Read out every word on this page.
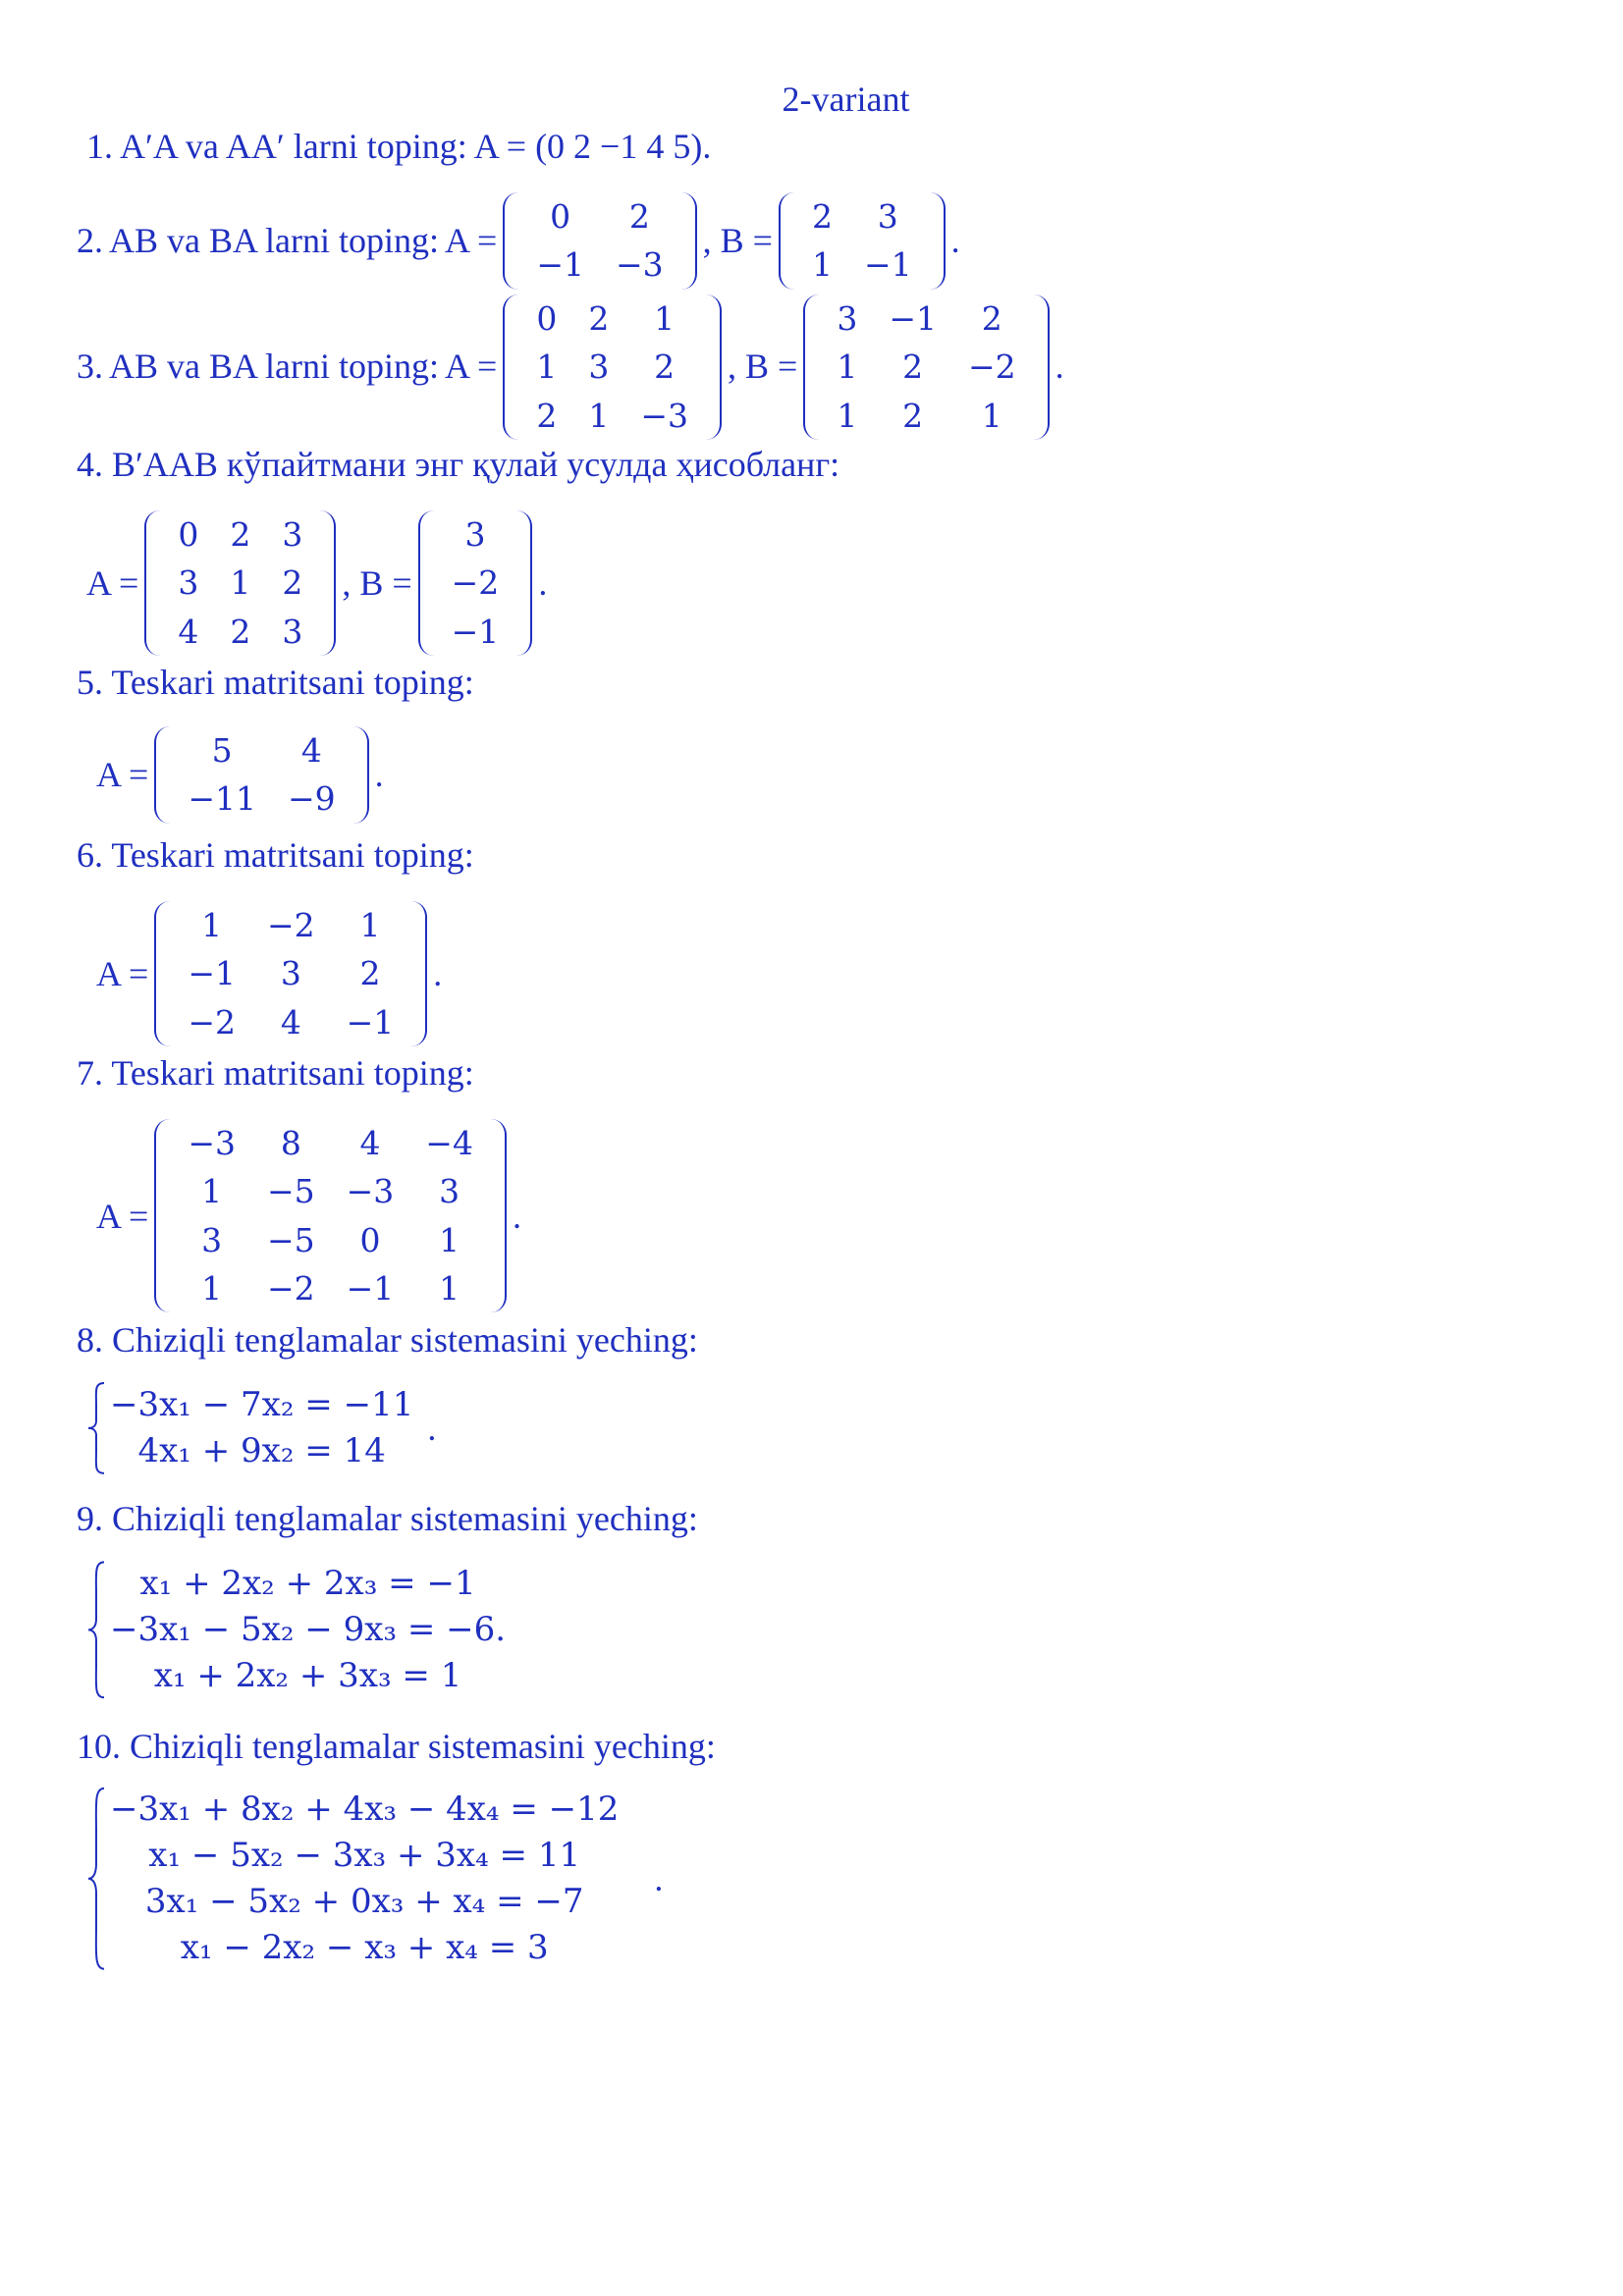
2-variant
1. A′A va AA′ larni toping: A = (0 2 −1 4 5).
2. AB va BA larni toping: A =
0	2
−1	−3
, B =
2	3
1	−1
.
3. AB va BA larni toping: A =
0	2	1
1	3	2
2	1	−3
, B =
3	−1	2
1	2	−2
1	2	1
.
4. B′AAB кўпайтмани энг қулай усулда ҳисобланг:
A =
0	2	3
3	1	2
4	2	3
, B =
3
−2
−1
.
5. Teskari matritsani toping:
A =
5	4
−11	−9
.
6. Teskari matritsani toping:
A =
1	−2	1
−1	3	2
−2	4	−1
.
7. Teskari matritsani toping:
A =
−3	8	4	−4
1	−5	−3	3
3	−5	0	1
1	−2	−1	1
.
8. Chiziqli tenglamalar sistemasini yeching:
−3x₁ − 7x₂ = −11
4x₁ + 9x₂ = 14
.
9. Chiziqli tenglamalar sistemasini yeching:
x₁ + 2x₂ + 2x₃ = −1
−3x₁ − 5x₂ − 9x₃ = −6.
x₁ + 2x₂ + 3x₃ = 1
10. Chiziqli tenglamalar sistemasini yeching:
−3x₁ + 8x₂ + 4x₃ − 4x₄ = −12
x₁ − 5x₂ − 3x₃ + 3x₄ = 11
3x₁ − 5x₂ + 0x₃ + x₄ = −7
x₁ − 2x₂ − x₃ + x₄ = 3
.
